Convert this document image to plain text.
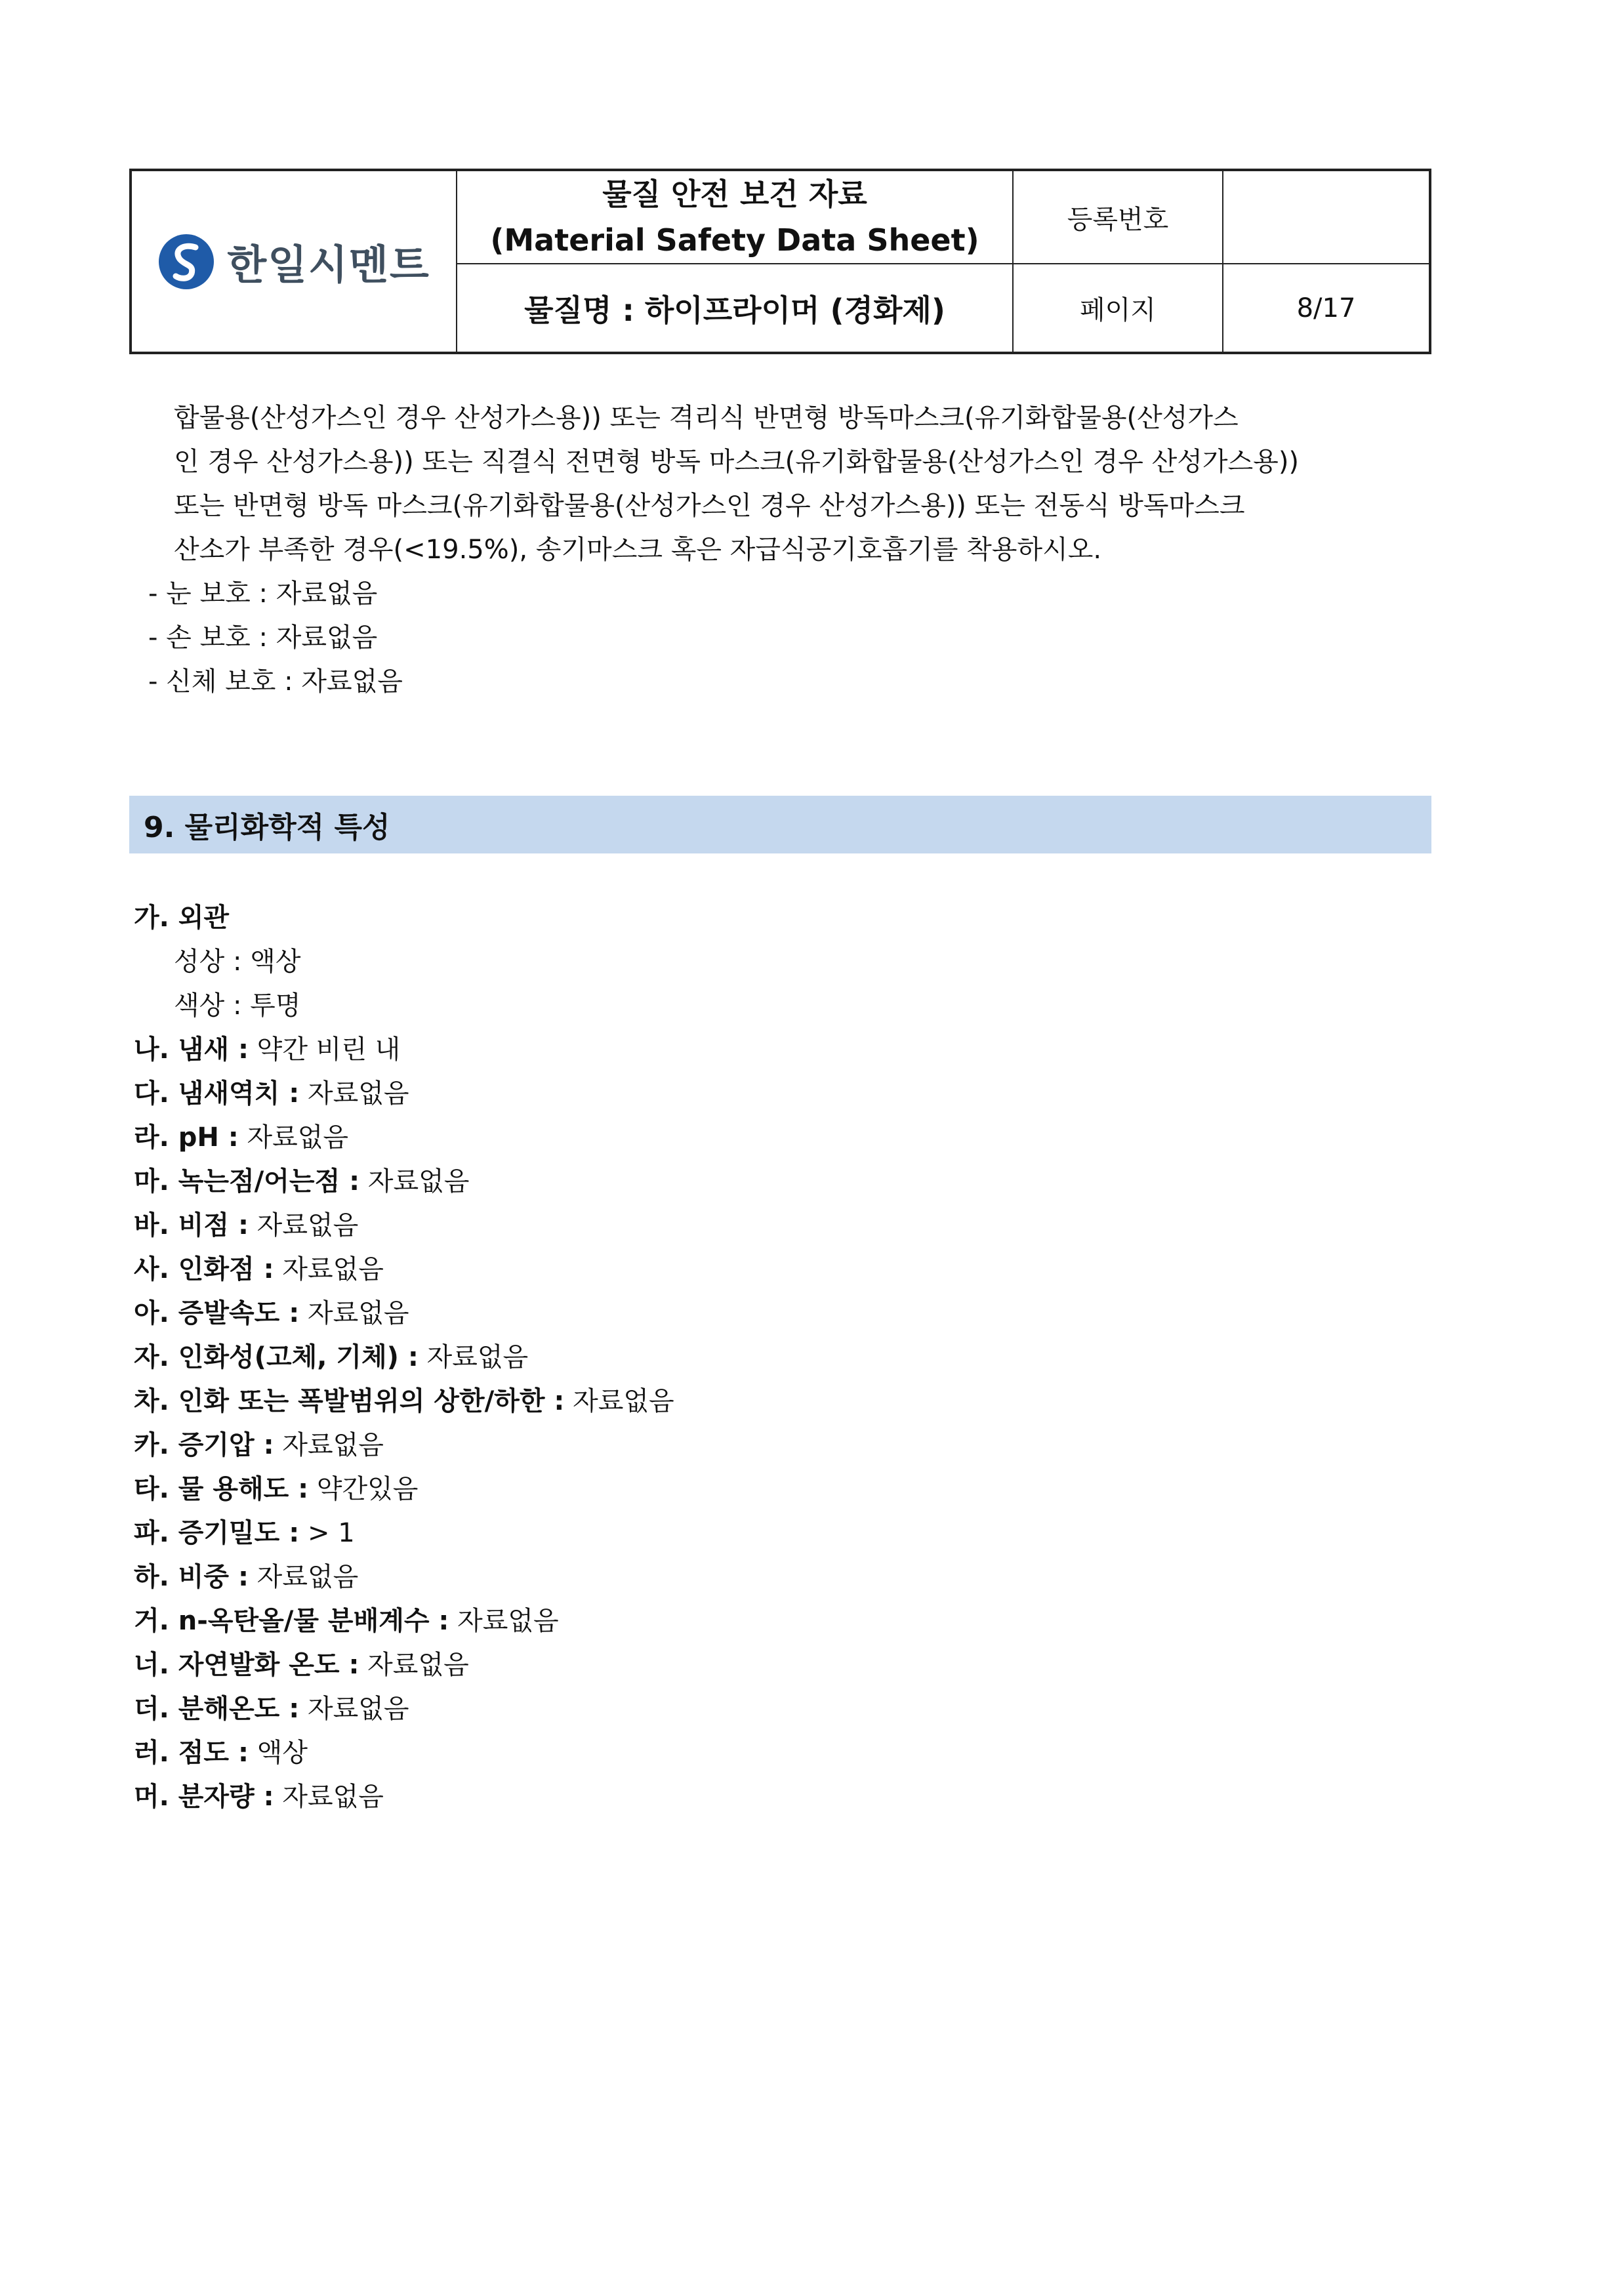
한일시멘트
물질 안전 보건 자료
(Material Safety Data Sheet)
등록번호
물질명 : 하이프라이머 (경화제)	페이지	8/17
합물용(산성가스인 경우 산성가스용)) 또는 격리식 반면형 방독마스크(유기화합물용(산성가스
인 경우 산성가스용)) 또는 직결식 전면형 방독 마스크(유기화합물용(산성가스인 경우 산성가스용))
또는 반면형 방독 마스크(유기화합물용(산성가스인 경우 산성가스용)) 또는 전동식 방독마스크
산소가 부족한 경우(<19.5%), 송기마스크 혹은 자급식공기호흡기를 착용하시오.
- 눈 보호 : 자료없음
- 손 보호 : 자료없음
- 신체 보호 : 자료없음
9. 물리화학적 특성
가. 외관
성상 : 액상
색상 : 투명
나. 냄새 : 약간 비린 내
다. 냄새역치 : 자료없음
라. pH : 자료없음
마. 녹는점/어는점 : 자료없음
바. 비점 : 자료없음
사. 인화점 : 자료없음
아. 증발속도 : 자료없음
자. 인화성(고체, 기체) : 자료없음
차. 인화 또는 폭발범위의 상한/하한 : 자료없음
카. 증기압 : 자료없음
타. 물 용해도 : 약간있음
파. 증기밀도 : > 1
하. 비중 : 자료없음
거. n-옥탄올/물 분배계수 : 자료없음
너. 자연발화 온도 : 자료없음
더. 분해온도 : 자료없음
러. 점도 : 액상
머. 분자량 : 자료없음
